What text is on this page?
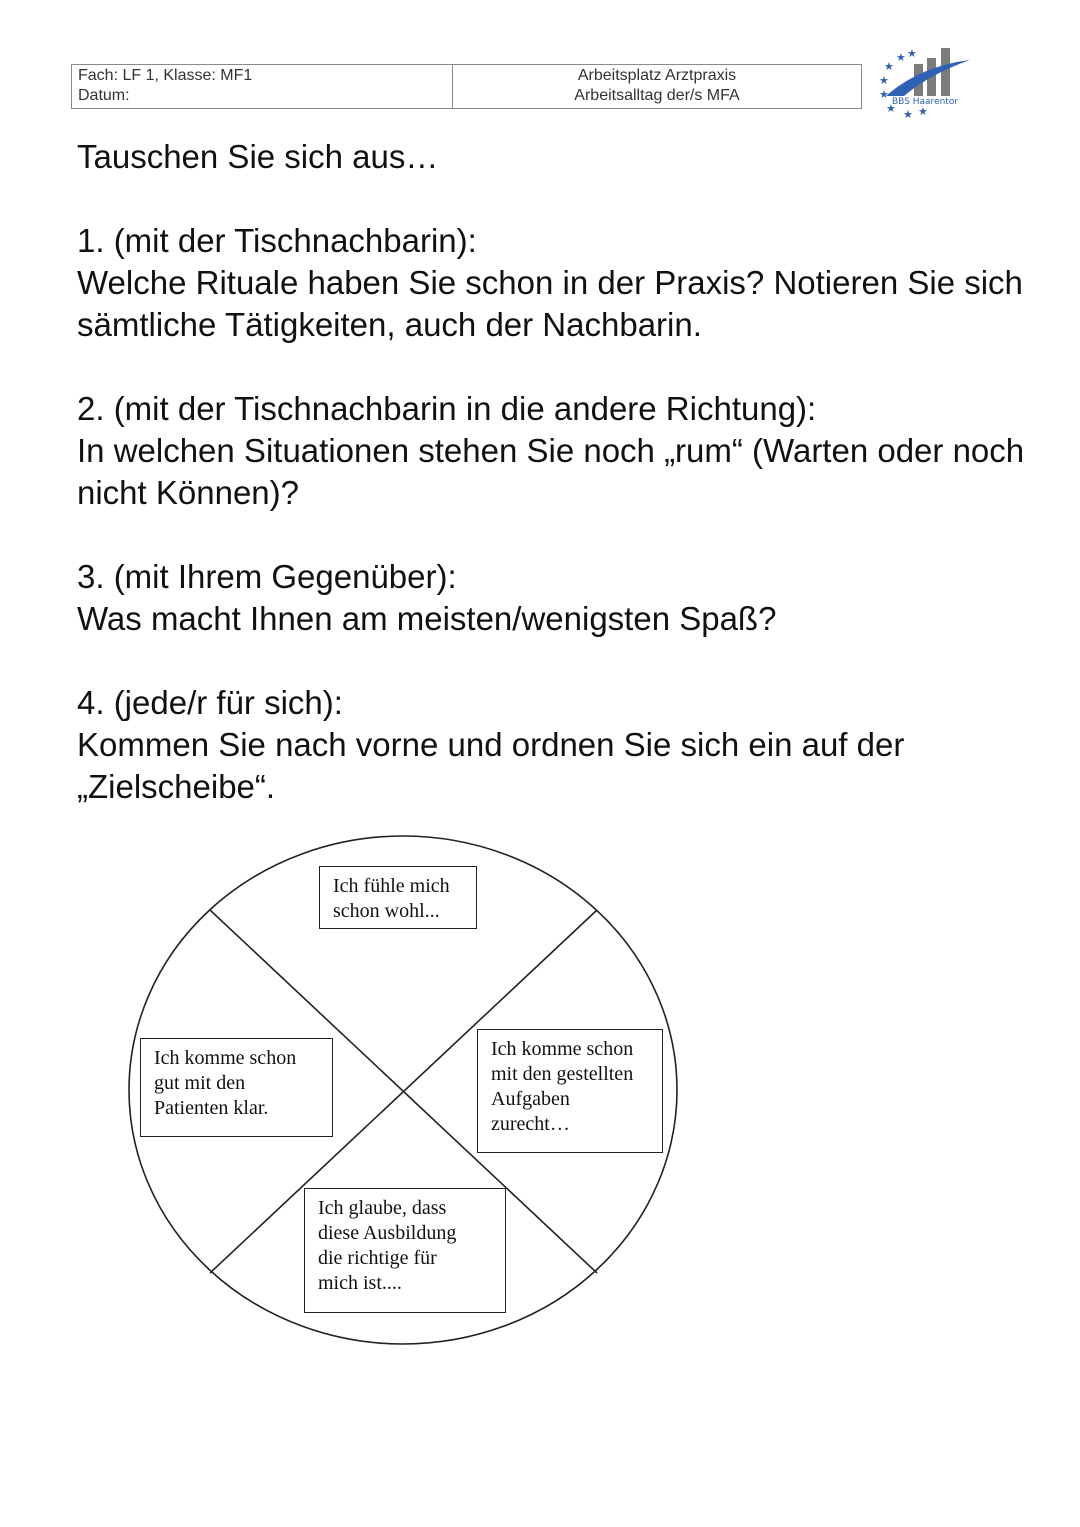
Fach: LF 1, Klasse: MF1
Datum:
Arbeitsplatz Arztpraxis
Arbeitsalltag der/s MFA
★ ★
★
★
★
★ ★ ★
BBS Haarentor

Tauschen Sie sich aus…

1. (mit der Tischnachbarin):

Welche Rituale haben Sie schon in der Praxis? Notieren Sie sich

sämtliche Tätigkeiten, auch der Nachbarin.

2. (mit der Tischnachbarin in die andere Richtung):

In welchen Situationen stehen Sie noch „rum“ (Warten oder noch

nicht Können)?

3. (mit Ihrem Gegenüber):

Was macht Ihnen am meisten/wenigsten Spaß?

4. (jede/r für sich):

Kommen Sie nach vorne und ordnen Sie sich ein auf der „Zielscheibe“.

Ich fühle mich
schon wohl...
Ich komme schon
gut mit den
Patienten klar.
Ich komme schon
mit den gestellten
Aufgaben
zurecht…
Ich glaube, dass
diese Ausbildung
die richtige für
mich ist....
